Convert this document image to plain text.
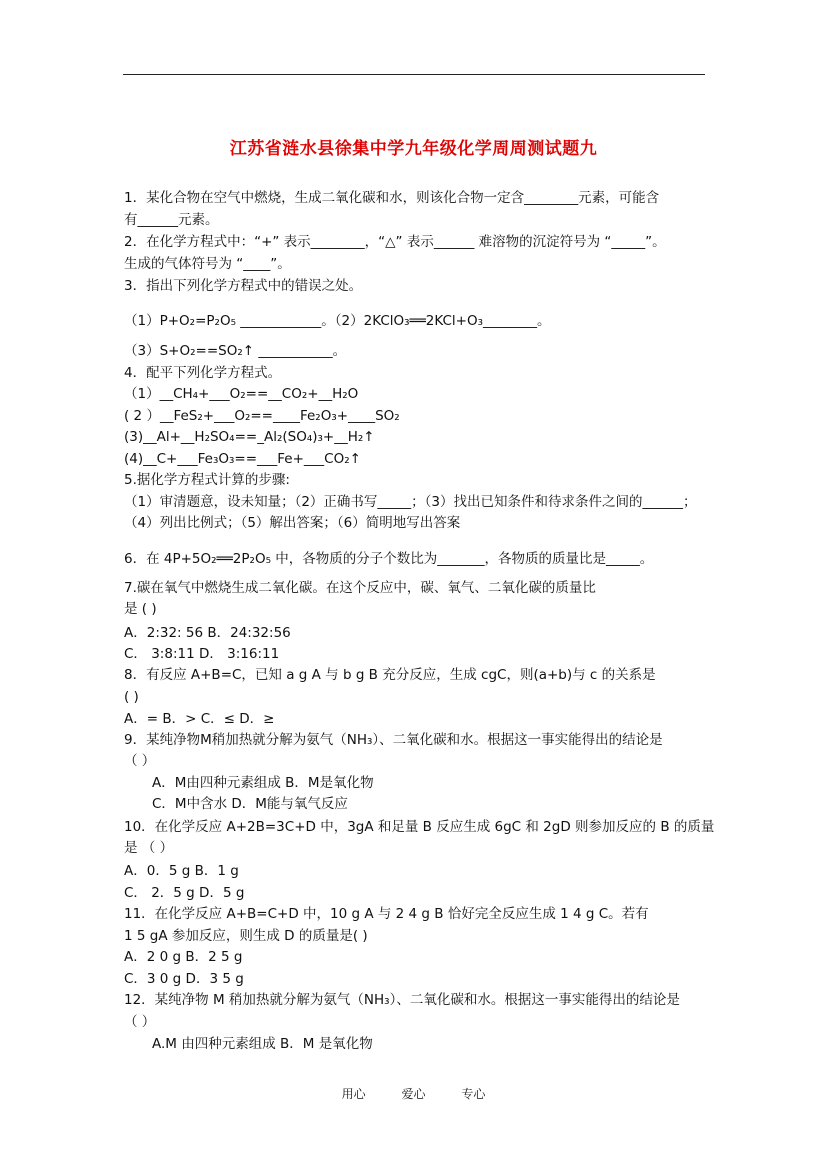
江苏省涟水县徐集中学九年级化学周周测试题九
1．某化合物在空气中燃烧，生成二氧化碳和水，则该化合物一定含________元素，可能含
有______元素。
2．在化学方程式中：“+” 表示________，“△” 表示______ 难溶物的沉淀符号为 “_____”。
生成的气体符号为 “____”。
3．指出下列化学方程式中的错误之处。
（1）P+O₂=P₂O₅ ____________。（2）2KClO₃══2KCl+O₃________。
（3）S+O₂==SO₂↑ ___________。
4．配平下列化学方程式。
（1）__CH₄+___O₂==__CO₂+__H₂O
( 2 ）__FeS₂+___O₂==____Fe₂O₃+____SO₂
(3)__Al+__H₂SO₄==_Al₂(SO₄)₃+__H₂↑
(4)__C+___Fe₃O₃==___Fe+___CO₂↑
5.据化学方程式计算的步骤:
（1）审清题意，设未知量；（2）正确书写_____；（3）找出已知条件和待求条件之间的______；
（4）列出比例式；（5）解出答案；（6）简明地写出答案
6．在 4P+5O₂══2P₂O₅ 中，各物质的分子个数比为_______，各物质的质量比是_____。
7.碳在氧气中燃烧生成二氧化碳。在这个反应中，碳、氧气、二氧化碳的质量比
是 ( )
A．2:32: 56 B．24:32:56
C． 3:8:11 D． 3:16:11
8．有反应 A+B=C，已知 a g A 与 b g B 充分反应，生成 cgC，则(a+b)与 c 的关系是
( )
A．= B．> C．≤ D．≥
9．某纯净物M稍加热就分解为氨气（NH₃）、二氧化碳和水。根据这一事实能得出的结论是
（ ）
A．M由四种元素组成 B．M是氧化物
C．M中含水 D．M能与氧气反应
10．在化学反应 A+2B=3C+D 中，3gA 和足量 B 反应生成 6gC 和 2gD 则参加反应的 B 的质量
是 （ ）
A．0．5 g B．1 g
C． 2．5 g D．5 g
11．在化学反应 A+B=C+D 中，10 g A 与 2 4 g B 恰好完全反应生成 1 4 g C。若有
1 5 gA 参加反应，则生成 D 的质量是( )
A．2 0 g B．2 5 g
C．3 0 g D．3 5 g
12．某纯净物 M 稍加热就分解为氨气（NH₃）、二氧化碳和水。根据这一事实能得出的结论是
（ ）
A.M 由四种元素组成 B．M 是氧化物
用心	爱心	专心
